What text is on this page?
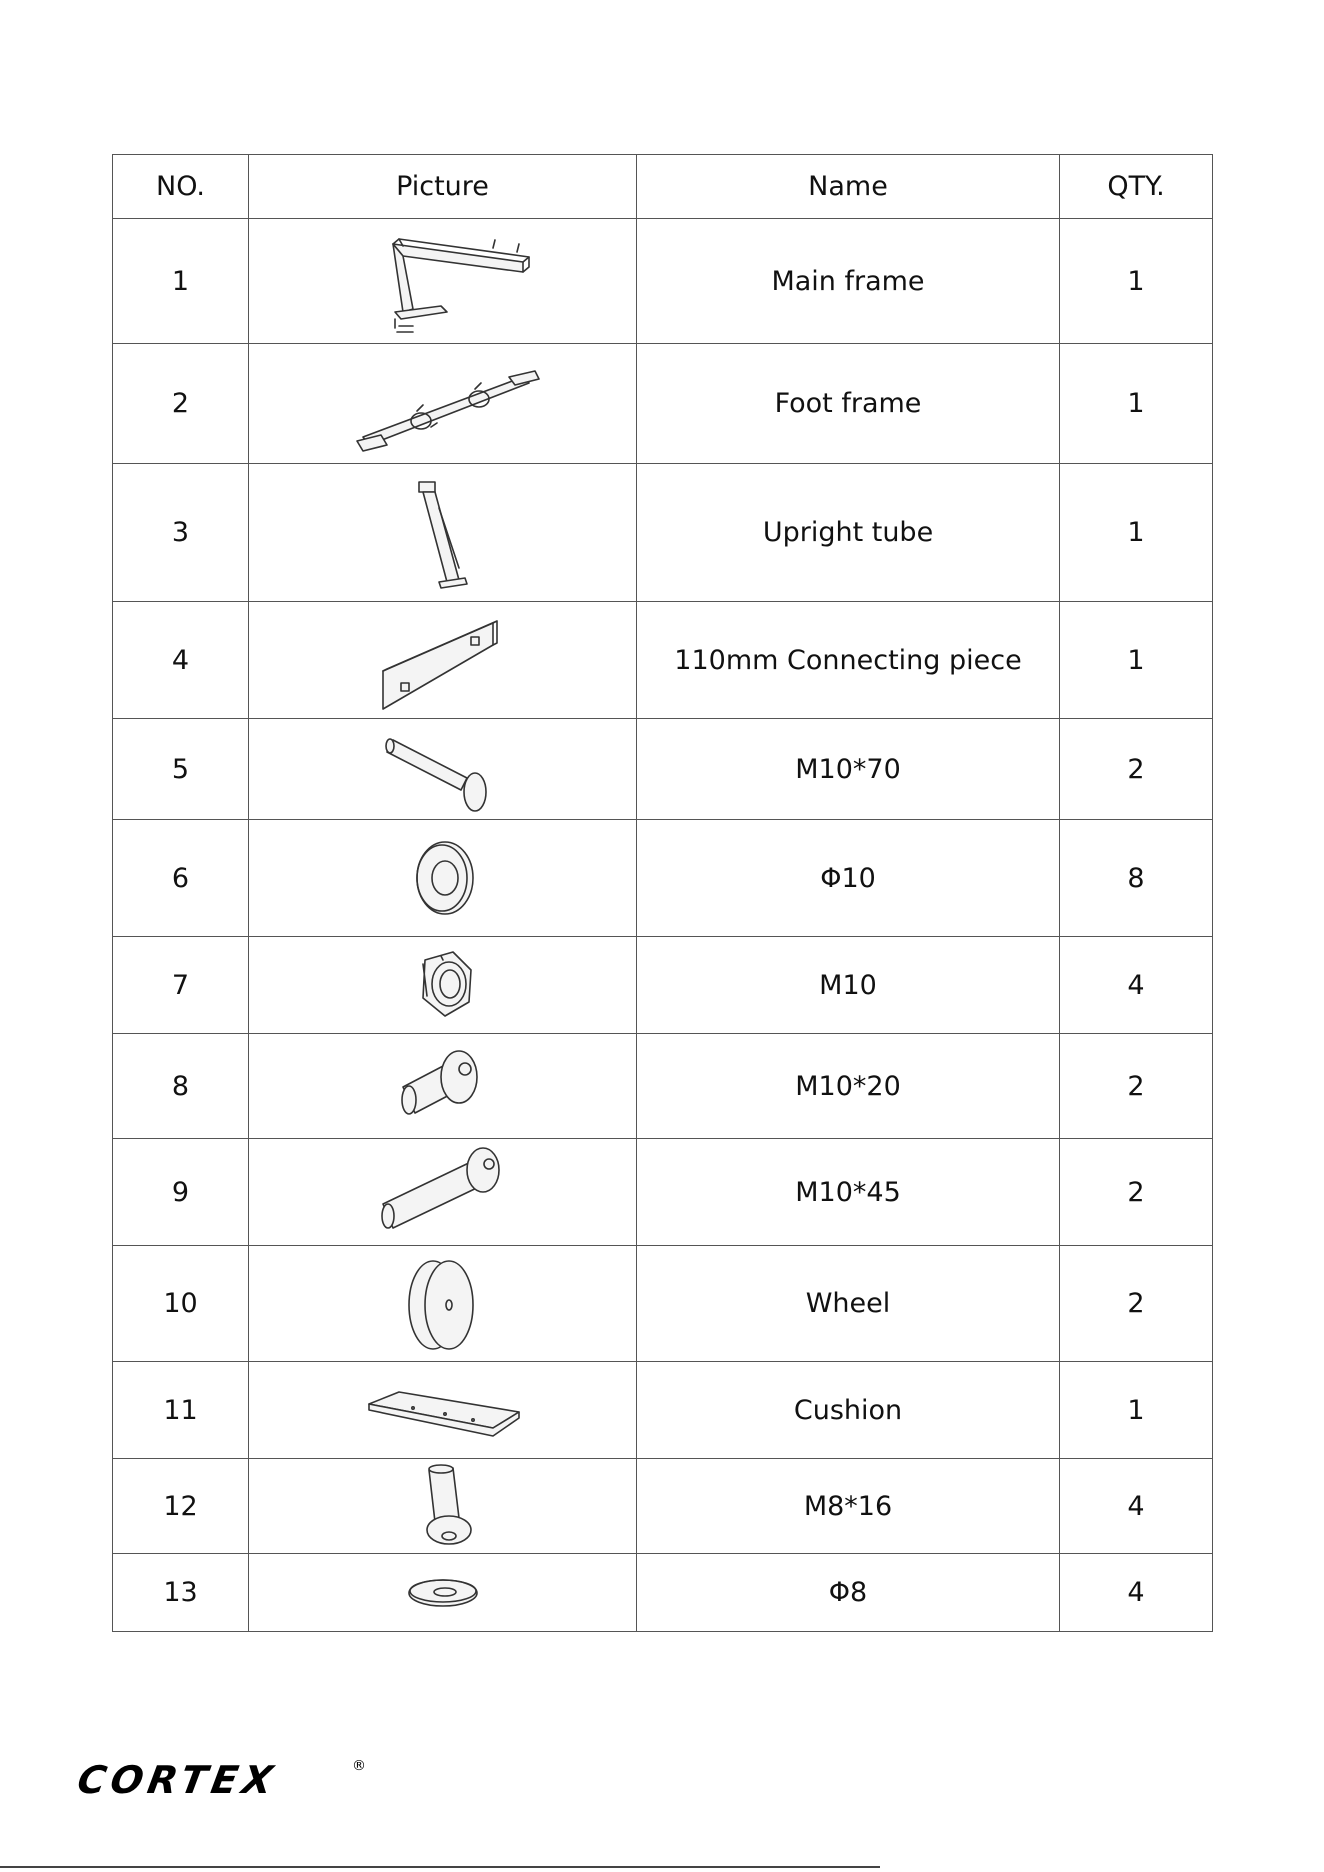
NO.	Picture	Name	QTY.
1		Main frame	1
2		Foot frame	1
3		Upright tube	1
4		110mm Connecting piece	1
5		M10*70	2
6		Φ10	8
7		M10	4
8		M10*20	2
9		M10*45	2
10		Wheel	2
11		Cushion	1
12		M8*16	4
13		Φ8	4
CORTEX	®
